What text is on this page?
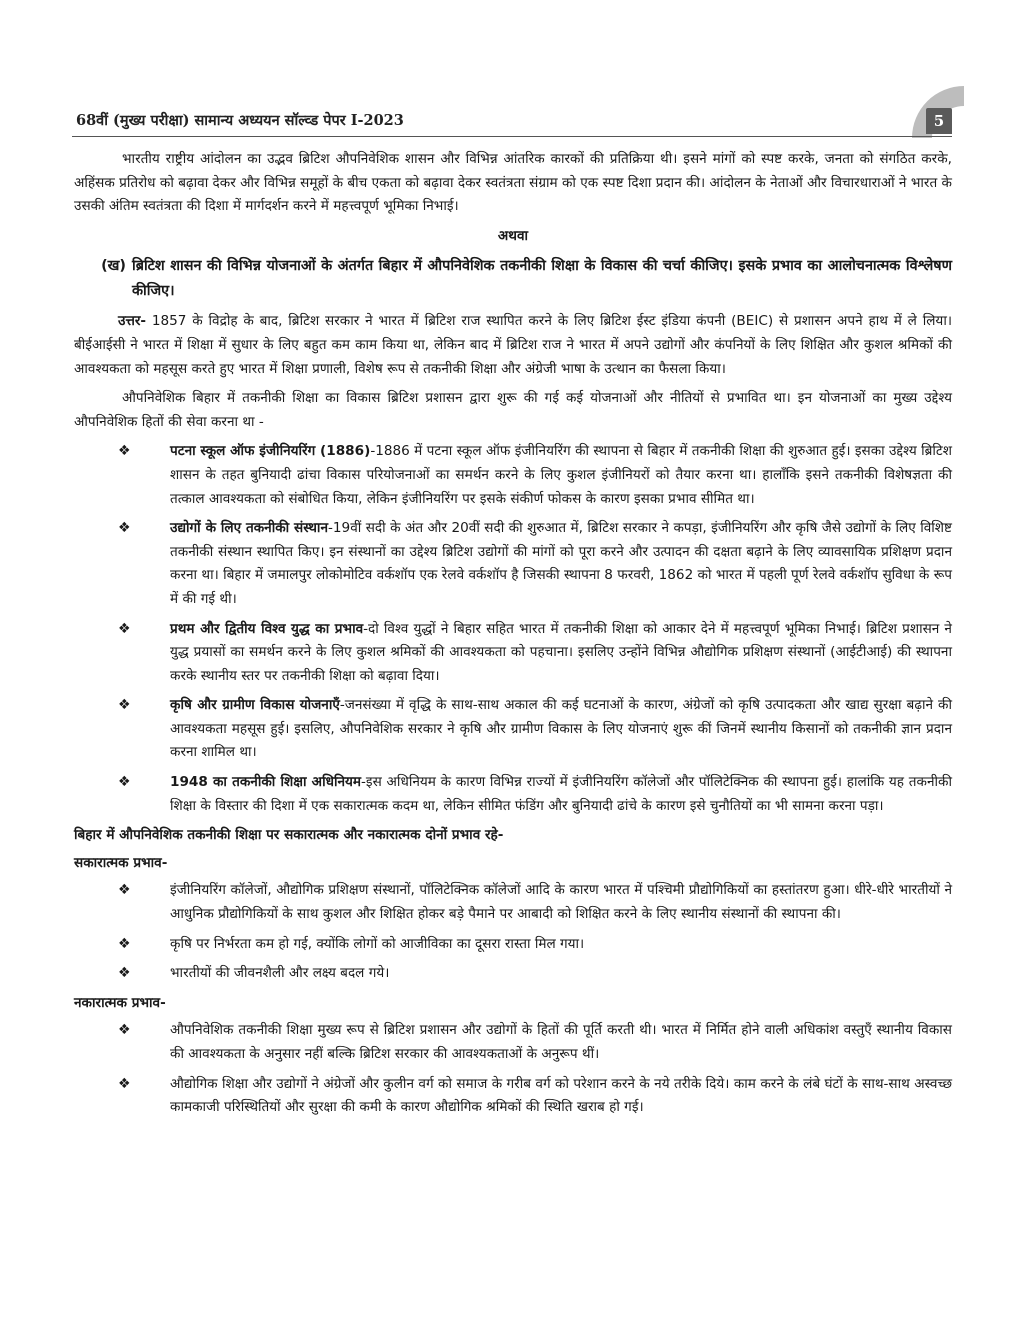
68वीं (मुख्य परीक्षा) सामान्य अध्ययन सॉल्व्ड पेपर I-2023	5

भारतीय राष्ट्रीय आंदोलन का उद्भव ब्रिटिश औपनिवेशिक शासन और विभिन्न आंतरिक कारकों की प्रतिक्रिया थी। इसने मांगों को स्पष्ट करके, जनता को संगठित करके, अहिंसक प्रतिरोध को बढ़ावा देकर और विभिन्न समूहों के बीच एकता को बढ़ावा देकर स्वतंत्रता संग्राम को एक स्पष्ट दिशा प्रदान की। आंदोलन के नेताओं और विचारधाराओं ने भारत के उसकी अंतिम स्वतंत्रता की दिशा में मार्गदर्शन करने में महत्त्वपूर्ण भूमिका निभाई।

अथवा
(ख) ब्रिटिश शासन की विभिन्न योजनाओं के अंतर्गत बिहार में औपनिवेशिक तकनीकी शिक्षा के विकास की चर्चा कीजिए। इसके प्रभाव का आलोचनात्मक विश्लेषण कीजिए।

उत्तर- 1857 के विद्रोह के बाद, ब्रिटिश सरकार ने भारत में ब्रिटिश राज स्थापित करने के लिए ब्रिटिश ईस्ट इंडिया कंपनी (BEIC) से प्रशासन अपने हाथ में ले लिया। बीईआईसी ने भारत में शिक्षा में सुधार के लिए बहुत कम काम किया था, लेकिन बाद में ब्रिटिश राज ने भारत में अपने उद्योगों और कंपनियों के लिए शिक्षित और कुशल श्रमिकों की आवश्यकता को महसूस करते हुए भारत में शिक्षा प्रणाली, विशेष रूप से तकनीकी शिक्षा और अंग्रेजी भाषा के उत्थान का फैसला किया।

औपनिवेशिक बिहार में तकनीकी शिक्षा का विकास ब्रिटिश प्रशासन द्वारा शुरू की गई कई योजनाओं और नीतियों से प्रभावित था। इन योजनाओं का मुख्य उद्देश्य औपनिवेशिक हितों की सेवा करना था -

❖	पटना स्कूल ऑफ इंजीनियरिंग (1886)-1886 में पटना स्कूल ऑफ इंजीनियरिंग की स्थापना से बिहार में तकनीकी शिक्षा की शुरुआत हुई। इसका उद्देश्य ब्रिटिश शासन के तहत बुनियादी ढांचा विकास परियोजनाओं का समर्थन करने के लिए कुशल इंजीनियरों को तैयार करना था। हालाँकि इसने तकनीकी विशेषज्ञता की तत्काल आवश्यकता को संबोधित किया, लेकिन इंजीनियरिंग पर इसके संकीर्ण फोकस के कारण इसका प्रभाव सीमित था।
❖	उद्योगों के लिए तकनीकी संस्थान-19वीं सदी के अंत और 20वीं सदी की शुरुआत में, ब्रिटिश सरकार ने कपड़ा, इंजीनियरिंग और कृषि जैसे उद्योगों के लिए विशिष्ट तकनीकी संस्थान स्थापित किए। इन संस्थानों का उद्देश्य ब्रिटिश उद्योगों की मांगों को पूरा करने और उत्पादन की दक्षता बढ़ाने के लिए व्यावसायिक प्रशिक्षण प्रदान करना था। बिहार में जमालपुर लोकोमोटिव वर्कशॉप एक रेलवे वर्कशॉप है जिसकी स्थापना 8 फरवरी, 1862 को भारत में पहली पूर्ण रेलवे वर्कशॉप सुविधा के रूप में की गई थी।
❖	प्रथम और द्वितीय विश्व युद्ध का प्रभाव-दो विश्व युद्धों ने बिहार सहित भारत में तकनीकी शिक्षा को आकार देने में महत्त्वपूर्ण भूमिका निभाई। ब्रिटिश प्रशासन ने युद्ध प्रयासों का समर्थन करने के लिए कुशल श्रमिकों की आवश्यकता को पहचाना। इसलिए उन्होंने विभिन्न औद्योगिक प्रशिक्षण संस्थानों (आईटीआई) की स्थापना करके स्थानीय स्तर पर तकनीकी शिक्षा को बढ़ावा दिया।
❖	कृषि और ग्रामीण विकास योजनाएँ-जनसंख्या में वृद्धि के साथ-साथ अकाल की कई घटनाओं के कारण, अंग्रेजों को कृषि उत्पादकता और खाद्य सुरक्षा बढ़ाने की आवश्यकता महसूस हुई। इसलिए, औपनिवेशिक सरकार ने कृषि और ग्रामीण विकास के लिए योजनाएं शुरू कीं जिनमें स्थानीय किसानों को तकनीकी ज्ञान प्रदान करना शामिल था।
❖	1948 का तकनीकी शिक्षा अधिनियम-इस अधिनियम के कारण विभिन्न राज्यों में इंजीनियरिंग कॉलेजों और पॉलिटेक्निक की स्थापना हुई। हालांकि यह तकनीकी शिक्षा के विस्तार की दिशा में एक सकारात्मक कदम था, लेकिन सीमित फंडिंग और बुनियादी ढांचे के कारण इसे चुनौतियों का भी सामना करना पड़ा।
बिहार में औपनिवेशिक तकनीकी शिक्षा पर सकारात्मक और नकारात्मक दोनों प्रभाव रहे-
सकारात्मक प्रभाव-
❖	इंजीनियरिंग कॉलेजों, औद्योगिक प्रशिक्षण संस्थानों, पॉलिटेक्निक कॉलेजों आदि के कारण भारत में पश्चिमी प्रौद्योगिकियों का हस्तांतरण हुआ। धीरे-धीरे भारतीयों ने आधुनिक प्रौद्योगिकियों के साथ कुशल और शिक्षित होकर बड़े पैमाने पर आबादी को शिक्षित करने के लिए स्थानीय संस्थानों की स्थापना की।
❖	कृषि पर निर्भरता कम हो गई, क्योंकि लोगों को आजीविका का दूसरा रास्ता मिल गया।
❖	भारतीयों की जीवनशैली और लक्ष्य बदल गये।
नकारात्मक प्रभाव-
❖	औपनिवेशिक तकनीकी शिक्षा मुख्य रूप से ब्रिटिश प्रशासन और उद्योगों के हितों की पूर्ति करती थी। भारत में निर्मित होने वाली अधिकांश वस्तुएँ स्थानीय विकास की आवश्यकता के अनुसार नहीं बल्कि ब्रिटिश सरकार की आवश्यकताओं के अनुरूप थीं।
❖	औद्योगिक शिक्षा और उद्योगों ने अंग्रेजों और कुलीन वर्ग को समाज के गरीब वर्ग को परेशान करने के नये तरीके दिये। काम करने के लंबे घंटों के साथ-साथ अस्वच्छ कामकाजी परिस्थितियों और सुरक्षा की कमी के कारण औद्योगिक श्रमिकों की स्थिति खराब हो गई।
